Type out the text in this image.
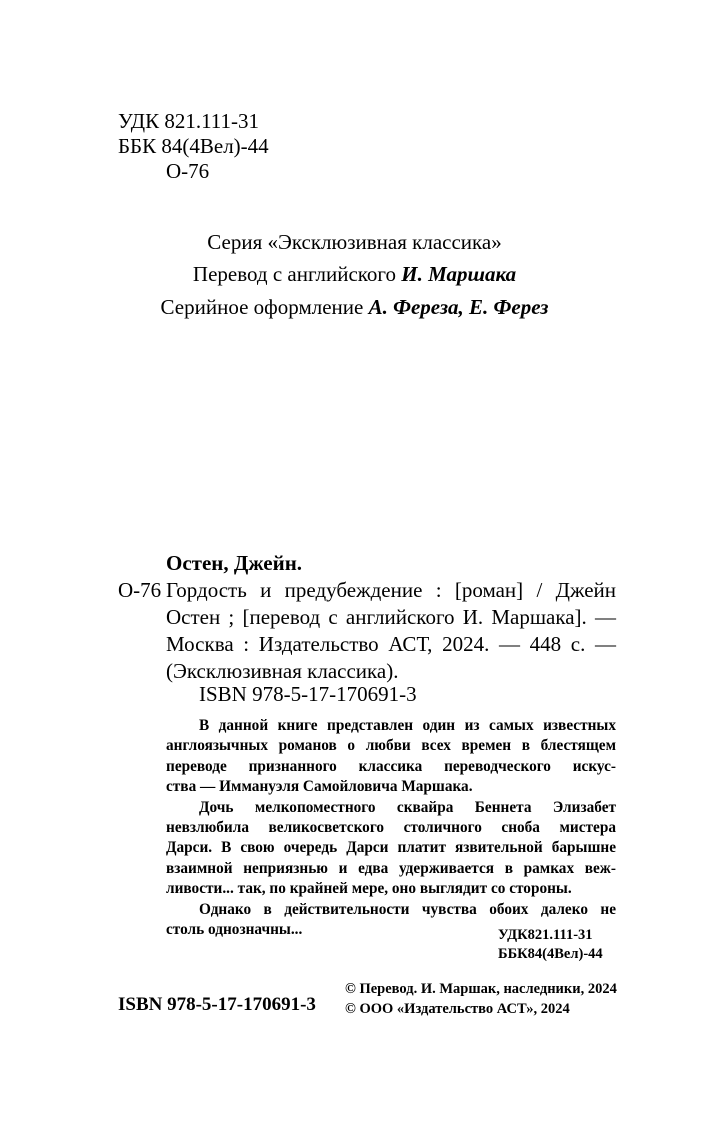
УДК 821.111-31
ББК 84(4Вел)-44
О-76
Серия «Эксклюзивная классика»
Перевод с английского И. Маршака
Серийное оформление А. Фереза, Е. Ферез
Остен, Джейн.
О-76 Гордость и предубеждение : [роман] / Джейн
Остен ; [перевод с английского И. Маршака]. —
Москва : Издательство АСТ, 2024. — 448 с. —
(Эксклюзивная классика).
ISBN 978-5-17-170691-3
В данной книге представлен один из самых известных
англоязычных романов о любви всех времен в блестящем
переводе признанного классика переводческого искус-
ства — Иммануэля Самойловича Маршака.
Дочь мелкопоместного сквайра Беннета Элизабет
невзлюбила великосветского столичного сноба мистера
Дарси. В свою очередь Дарси платит язвительной барышне
взаимной неприязнью и едва удерживается в рамках веж-
ливости... так, по крайней мере, оно выглядит со стороны.
Однако в действительности чувства обоих далеко не
столь однозначны...	УДК821.111-31
ББК84(4Вел)-44
ISBN 978-5-17-170691-3
© Перевод. И. Маршак, наследники, 2024
© ООО «Издательство АСТ», 2024
